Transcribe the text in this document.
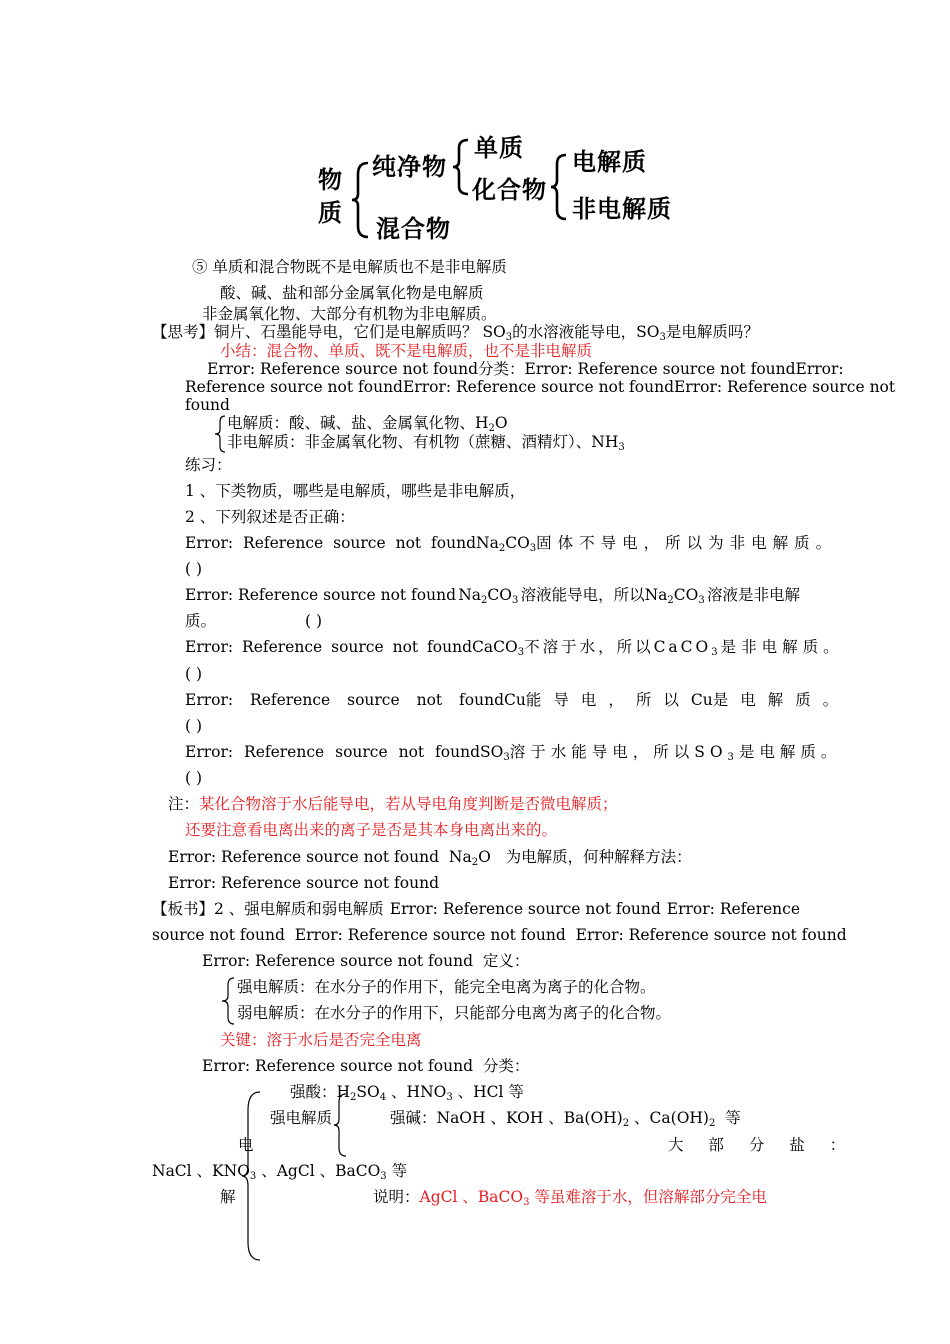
物
质
纯净物
混合物
单质
化合物
电解质
非电解质
⑤ 单质和混合物既不是电解质也不是非电解质
酸、碱、盐和部分金属氧化物是电解质
非金属氧化物、大部分有机物为非电解质。
【思考】铜片、石墨能导电，它们是电解质吗？ $SO_3$的水溶液能导电，$SO_3$是电解质吗？
小结：混合物、单质、既不是电解质，也不是非电解质
Error: Reference source not found 分类： Error: Reference source not foundError:
Reference source not foundError: Reference source not foundError: Reference source not
found
电解质：酸、碱、盐、金属氧化物、$H_2O$
非电解质：非金属氧化物、有机物（蔗糖、酒精灯）、$NH_3$
练习：
1 、下类物质，哪些是电解质，哪些是非电解质，
2 、下列叙述是否正确：
Error: Reference source not found $Na_2CO_3$ 固体不导电，所以为非电解质。
( )
Error: Reference source not found $Na_2CO_3$ 溶液能导电，所以$Na_2CO_3$ 溶液是非电解
质。	( )
Error: Reference source not found CaCO$_3$ 不溶于水，所以CaCO$_3$ 是非电解质。
( )
Error: Reference source not found Cu 能导电，所以 Cu 是电解质。
( )
Error: Reference source not found $SO_3$ 溶于水能导电，所以$SO_3$ 是电解质。
( )
注：某化合物溶于水后能导电，若从导电角度判断是否微电解质；
还要注意看电离出来的离子是否是其本身电离出来的。
Error: Reference source not found $Na_2O$ 为电解质，何种解释方法：
Error: Reference source not found
【板书】2 、强电解质和弱电解质 Error: Reference source not found Error: Reference
source not found Error: Reference source not found Error: Reference source not found
Error: Reference source not found 定义：
强电解质：在水分子的作用下，能完全电离为离子的化合物。
弱电解质：在水分子的作用下，只能部分电离为离子的化合物。
关键：溶于水后是否完全电离
Error: Reference source not found 分类：
强酸：$H_2SO_4$ 、$HNO_3$ 、HCl 等
强电解质	强碱：NaOH 、KOH 、$Ba(OH)_2$ 、$Ca(OH)_2$ 等
电	大 部 分 盐 ：
NaCl 、$KNO_3$ 、AgCl 、BaCO$_3$ 等
解	说明：AgCl 、BaCO$_3$ 等虽难溶于水，但溶解部分完全电
